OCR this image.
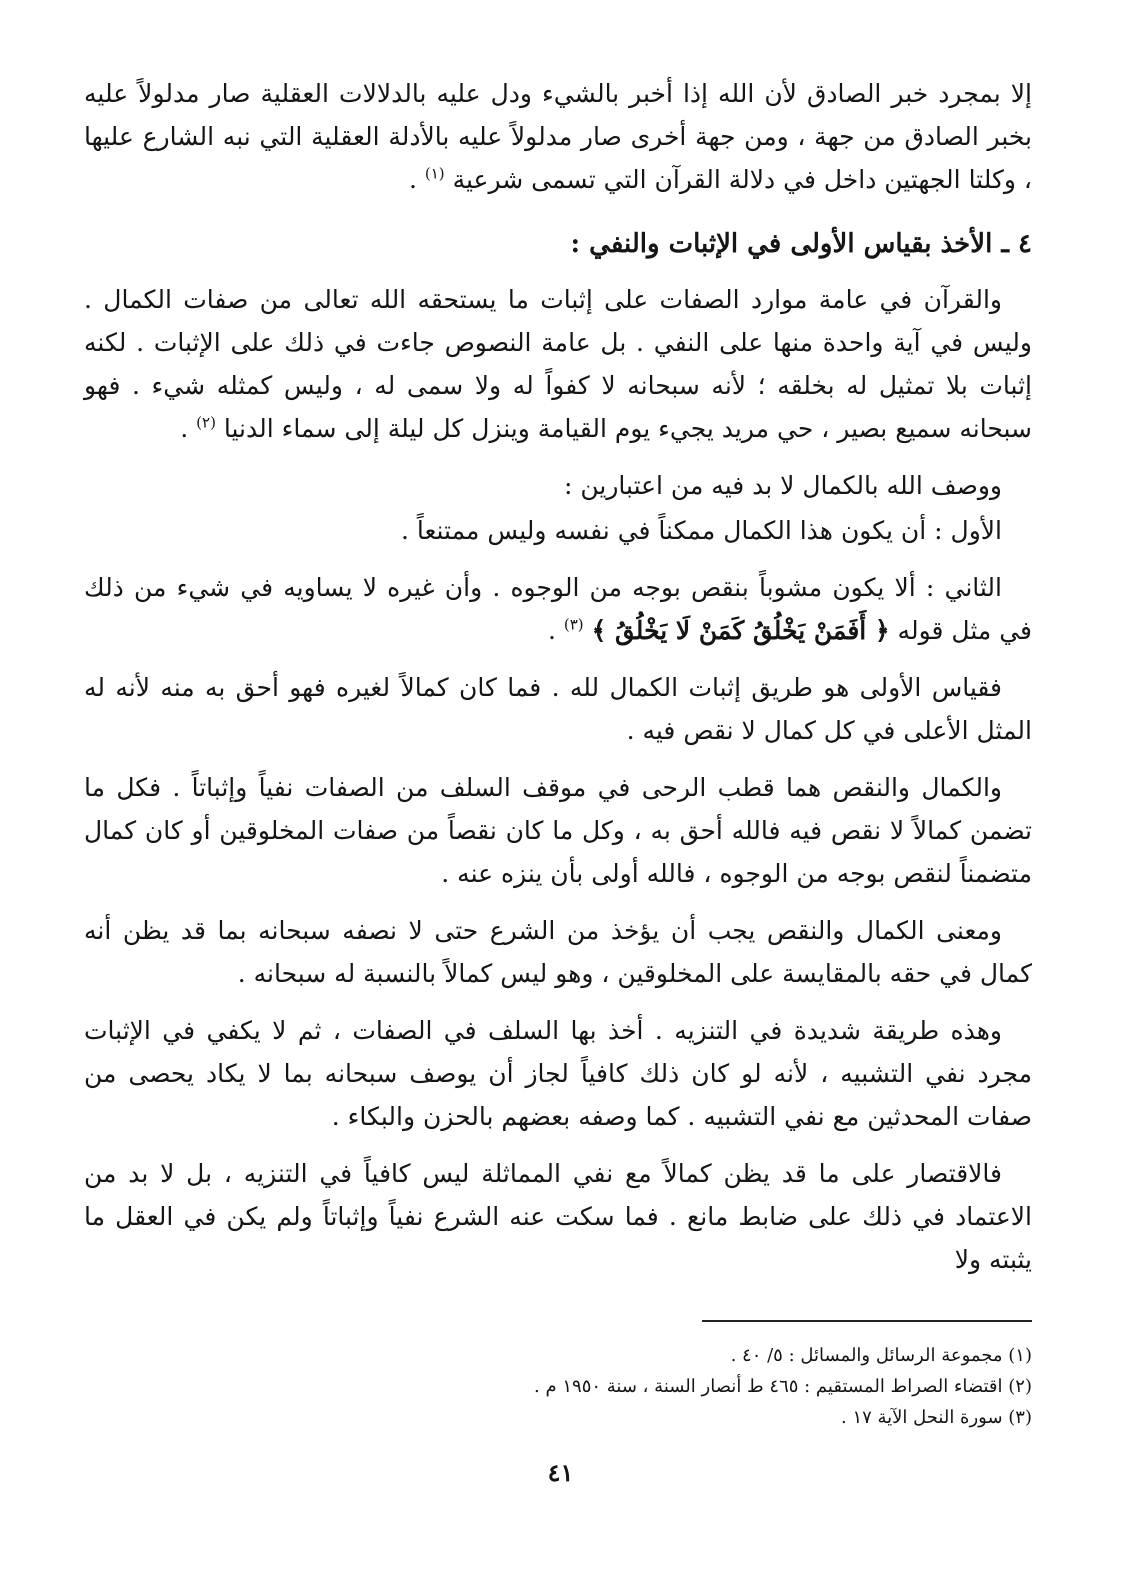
إلا بمجرد خبر الصادق لأن الله إذا أخبر بالشيء ودل عليه بالدلالات العقلية صار مدلولاً عليه بخبر الصادق من جهة ، ومن جهة أخرى صار مدلولاً عليه بالأدلة العقلية التي نبه الشارع عليها ، وكلتا الجهتين داخل في دلالة القرآن التي تسمى شرعية $^{(١)}$ .

٤ ـ الأخذ بقياس الأولى في الإثبات والنفي :

والقرآن في عامة موارد الصفات على إثبات ما يستحقه الله تعالى من صفات الكمال . وليس في آية واحدة منها على النفي . بل عامة النصوص جاءت في ذلك على الإثبات . لكنه إثبات بلا تمثيل له بخلقه ؛ لأنه سبحانه لا كفواً له ولا سمى له ، وليس كمثله شيء . فهو سبحانه سميع بصير ، حي مريد يجيء يوم القيامة وينزل كل ليلة إلى سماء الدنيا $^{(٢)}$ .

ووصف الله بالكمال لا بد فيه من اعتبارين :

الأول : أن يكون هذا الكمال ممكناً في نفسه وليس ممتنعاً .

الثاني : ألا يكون مشوباً بنقص بوجه من الوجوه . وأن غيره لا يساويه في شيء من ذلك في مثل قوله ﴿ أَفَمَنْ يَخْلُقُ كَمَنْ لَا يَخْلُقُ ﴾ $^{(٣)}$ .

فقياس الأولى هو طريق إثبات الكمال لله . فما كان كمالاً لغيره فهو أحق به منه لأنه له المثل الأعلى في كل كمال لا نقص فيه .

والكمال والنقص هما قطب الرحى في موقف السلف من الصفات نفياً وإثباتاً . فكل ما تضمن كمالاً لا نقص فيه فالله أحق به ، وكل ما كان نقصاً من صفات المخلوقين أو كان كمال متضمناً لنقص بوجه من الوجوه ، فالله أولى بأن ينزه عنه .

ومعنى الكمال والنقص يجب أن يؤخذ من الشرع حتى لا نصفه سبحانه بما قد يظن أنه كمال في حقه بالمقايسة على المخلوقين ، وهو ليس كمالاً بالنسبة له سبحانه .

وهذه طريقة شديدة في التنزيه . أخذ بها السلف في الصفات ، ثم لا يكفي في الإثبات مجرد نفي التشبيه ، لأنه لو كان ذلك كافياً لجاز أن يوصف سبحانه بما لا يكاد يحصى من صفات المحدثين مع نفي التشبيه . كما وصفه بعضهم بالحزن والبكاء .

فالاقتصار على ما قد يظن كمالاً مع نفي المماثلة ليس كافياً في التنزيه ، بل لا بد من الاعتماد في ذلك على ضابط مانع . فما سكت عنه الشرع نفياً وإثباتاً ولم يكن في العقل ما يثبته ولا

(١) مجموعة الرسائل والمسائل : ٥/ ٤٠ .

(٢) اقتضاء الصراط المستقيم : ٤٦٥ ط أنصار السنة ، سنة ١٩٥٠ م .

(٣) سورة النحل الآية ١٧ .

٤١
